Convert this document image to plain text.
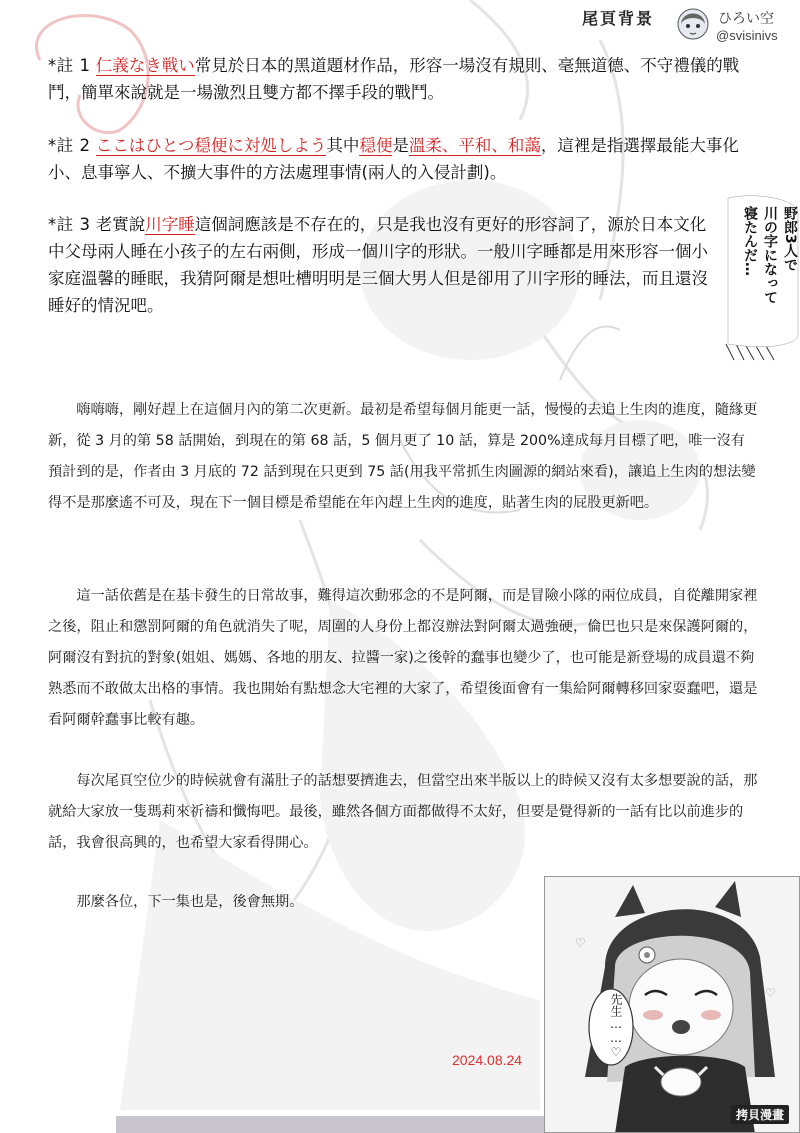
尾頁背景	ひろい空
@svisinivs
*註 1 仁義なき戦い常見於日本的黑道題材作品，形容一場沒有規則、毫無道德、不守禮儀的戰鬥，簡單來說就是一場激烈且雙方都不擇手段的戰鬥。
*註 2 ここはひとつ穏便に対処しよう其中穏便是溫柔、平和、和藹，這裡是指選擇最能大事化小、息事寧人、不擴大事件的方法處理事情(兩人的入侵計劃)。
*註 3 老實說川字睡這個詞應該是不存在的，只是我也沒有更好的形容詞了，源於日本文化中父母兩人睡在小孩子的左右兩側，形成一個川字的形狀。一般川字睡都是用來形容一個小家庭溫馨的睡眠，我猜阿爾是想吐槽明明是三個大男人但是卻用了川字形的睡法，而且還沒睡好的情況吧。
野郎3人で
川の字になって
寝たんだ…

嗨嗨嗨，剛好趕上在這個月內的第二次更新。最初是希望每個月能更一話，慢慢的去追上生肉的進度，隨緣更新，從 3 月的第 58 話開始，到現在的第 68 話，5 個月更了 10 話，算是 200%達成每月目標了吧，唯一沒有預計到的是，作者由 3 月底的 72 話到現在只更到 75 話(用我平常抓生肉圖源的網站來看)，讓追上生肉的想法變得不是那麼遙不可及，現在下一個目標是希望能在年內趕上生肉的進度，貼著生肉的屁股更新吧。

這一話依舊是在基卡發生的日常故事，難得這次動邪念的不是阿爾，而是冒險小隊的兩位成員，自從離開家裡之後，阻止和懲罰阿爾的角色就消失了呢，周圍的人身份上都沒辦法對阿爾太過強硬，倫巴也只是來保護阿爾的，阿爾沒有對抗的對象(姐姐、媽媽、各地的朋友、拉醬一家)之後幹的蠢事也變少了，也可能是新登場的成員還不夠熟悉而不敢做太出格的事情。我也開始有點想念大宅裡的大家了，希望後面會有一集給阿爾轉移回家耍蠢吧，還是看阿爾幹蠢事比較有趣。

每次尾頁空位少的時候就會有滿肚子的話想要擠進去，但當空出來半版以上的時候又沒有太多想要說的話，那就給大家放一隻瑪莉來祈禱和懺悔吧。最後，雖然各個方面都做得不太好，但要是覺得新的一話有比以前進步的話，我會很高興的，也希望大家看得開心。

那麼各位，下一集也是，後會無期。

2024.08.24
♡
♡
先生……♡
拷貝漫畫
